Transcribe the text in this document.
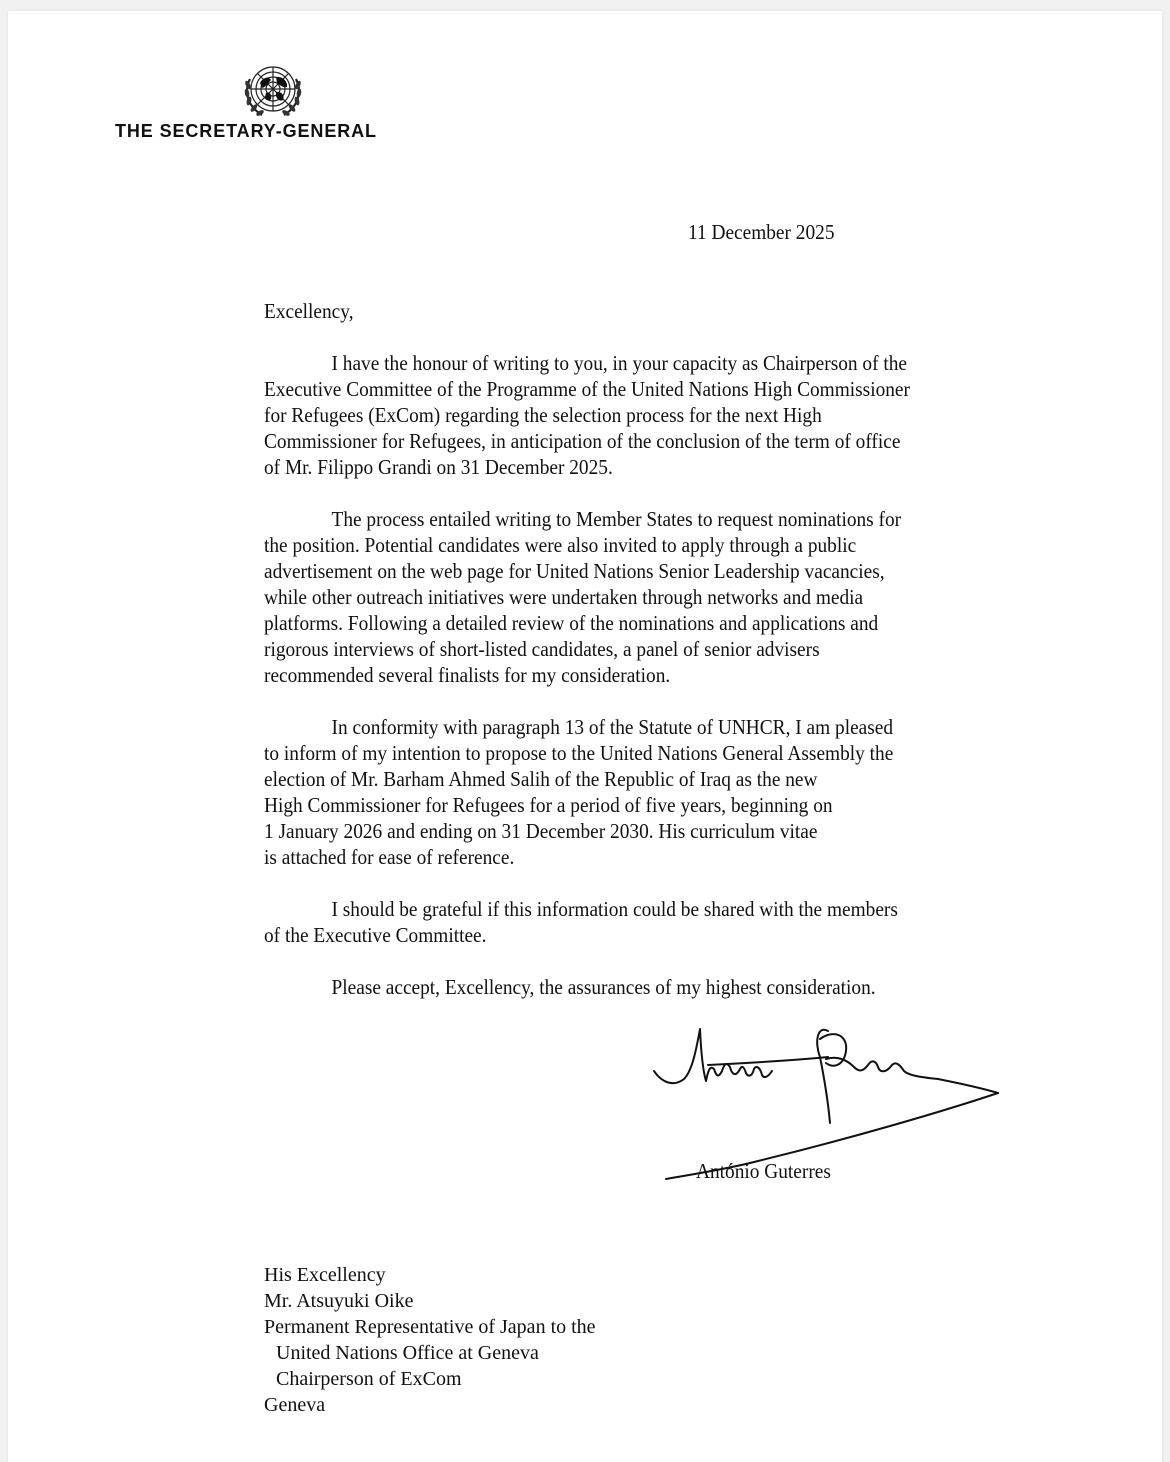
THE SECRETARY-GENERAL
11 December 2025
Excellency,
I have the honour of writing to you, in your capacity as Chairperson of the
Executive Committee of the Programme of the United Nations High Commissioner
for Refugees (ExCom) regarding the selection process for the next High
Commissioner for Refugees, in anticipation of the conclusion of the term of office
of Mr. Filippo Grandi on 31 December 2025.
The process entailed writing to Member States to request nominations for
the position. Potential candidates were also invited to apply through a public
advertisement on the web page for United Nations Senior Leadership vacancies,
while other outreach initiatives were undertaken through networks and media
platforms. Following a detailed review of the nominations and applications and
rigorous interviews of short-listed candidates, a panel of senior advisers
recommended several finalists for my consideration.
In conformity with paragraph 13 of the Statute of UNHCR, I am pleased
to inform of my intention to propose to the United Nations General Assembly the
election of Mr. Barham Ahmed Salih of the Republic of Iraq as the new
High Commissioner for Refugees for a period of five years, beginning on
1 January 2026 and ending on 31 December 2030. His curriculum vitae
is attached for ease of reference.
I should be grateful if this information could be shared with the members
of the Executive Committee.
Please accept, Excellency, the assurances of my highest consideration.
António Guterres
His Excellency
Mr. Atsuyuki Oike
Permanent Representative of Japan to the
United Nations Office at Geneva
Chairperson of ExCom
Geneva
